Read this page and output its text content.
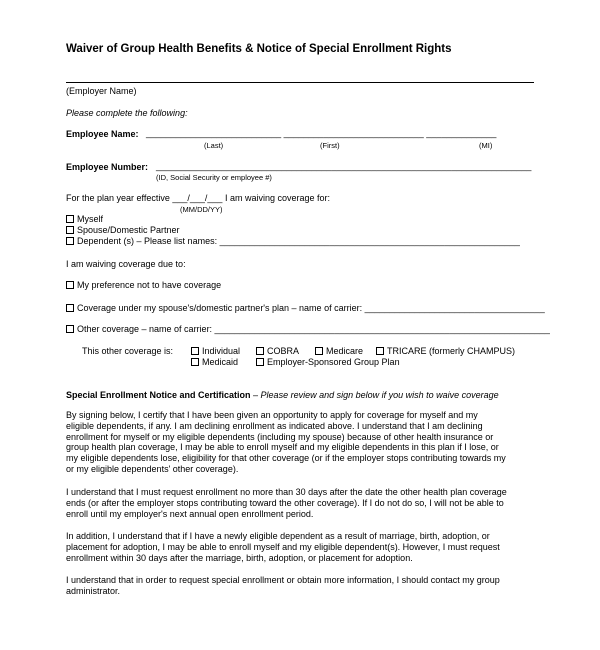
Waiver of Group Health Benefits & Notice of Special Enrollment Rights
(Employer Name)
Please complete the following:
Employee Name: ___________________________ ____________________________ ______________
(Last)	(First)	(MI)
Employee Number: ___________________________________________________________________________
(ID, Social Security or employee #)
For the plan year effective ___/___/___ I am waiving coverage for:
(MM/DD/YY)
Myself
Spouse/Domestic Partner
Dependent (s) – Please list names: ____________________________________________________________
I am waiving coverage due to:
My preference not to have coverage
Coverage under my spouse's/domestic partner's plan – name of carrier: ____________________________________
Other coverage – name of carrier: ___________________________________________________________________
This other coverage is:	Individual	COBRA	Medicare	TRICARE (formerly CHAMPUS)
Medicaid	Employer-Sponsored Group Plan
Special Enrollment Notice and Certification – Please review and sign below if you wish to waive coverage
By signing below, I certify that I have been given an opportunity to apply for coverage for myself and my
eligible dependents, if any. I am declining enrollment as indicated above. I understand that I am declining
enrollment for myself or my eligible dependents (including my spouse) because of other health insurance or
group health plan coverage, I may be able to enroll myself and my eligible dependents in this plan if I lose, or
my eligible dependents lose, eligibility for that other coverage (or if the employer stops contributing towards my
or my eligible dependents' other coverage).
I understand that I must request enrollment no more than 30 days after the date the other health plan coverage
ends (or after the employer stops contributing toward the other coverage). If I do not do so, I will not be able to
enroll until my employer's next annual open enrollment period.
In addition, I understand that if I have a newly eligible dependent as a result of marriage, birth, adoption, or
placement for adoption, I may be able to enroll myself and my eligible dependent(s). However, I must request
enrollment within 30 days after the marriage, birth, adoption, or placement for adoption.
I understand that in order to request special enrollment or obtain more information, I should contact my group
administrator.
